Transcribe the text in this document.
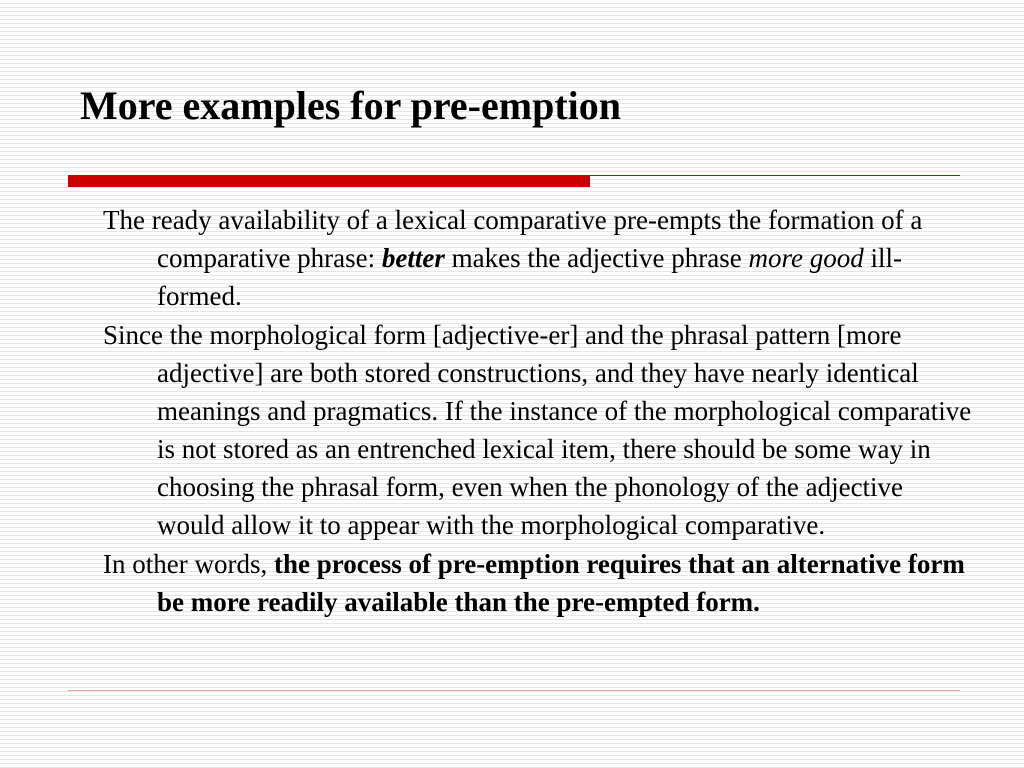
More examples for pre-emption

The ready availability of a lexical comparative pre-empts the formation of a comparative phrase: better makes the adjective phrase more good ill-formed.

Since the morphological form [adjective-er] and the phrasal pattern [more adjective] are both stored constructions, and they have nearly identical meanings and pragmatics. If the instance of the morphological comparative is not stored as an entrenched lexical item, there should be some way in choosing the phrasal form, even when the phonology of the adjective would allow it to appear with the morphological comparative.

In other words, the process of pre-emption requires that an alternative form be more readily available than the pre-empted form.
